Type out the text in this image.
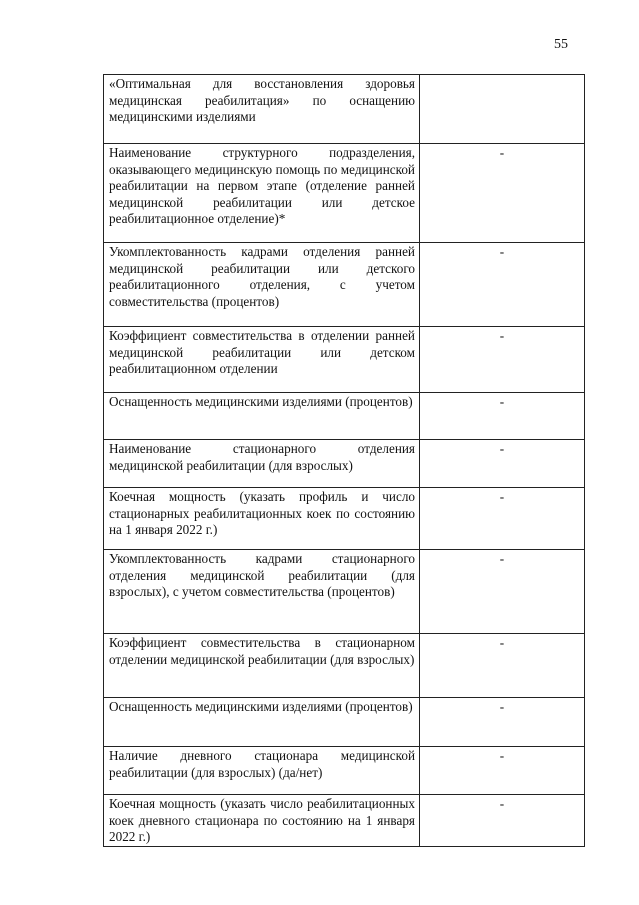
55
«Оптимальная для восстановления здоровья медицинская реабилитация» по оснащению медицинскими изделиями	
Наименование структурного подразделения, оказывающего медицинскую помощь по медицинской реабилитации на первом этапе (отделение ранней медицинской реабилитации или детское реабилитационное отделение)*	-
Укомплектованность кадрами отделения ранней медицинской реабилитации или детского реабилитационного отделения, с учетом совместительства (процентов)	-
Коэффициент совместительства в отделении ранней медицинской реабилитации или детском реабилитационном отделении	-
Оснащенность медицинскими изделиями (процентов)	-
Наименование стационарного отделения медицинской реабилитации (для взрослых)	-
Коечная мощность (указать профиль и число стационарных реабилитационных коек по состоянию на 1 января 2022 г.)	-
Укомплектованность кадрами стационарного отделения медицинской реабилитации (для взрослых), с учетом совместительства (процентов)	-
Коэффициент совместительства в стационарном отделении медицинской реабилитации (для взрослых)	-
Оснащенность медицинскими изделиями (процентов)	-
Наличие дневного стационара медицинской реабилитации (для взрослых) (да/нет)	-
Коечная мощность (указать число реабилитационных коек дневного стационара по состоянию на 1 января 2022 г.)	-
